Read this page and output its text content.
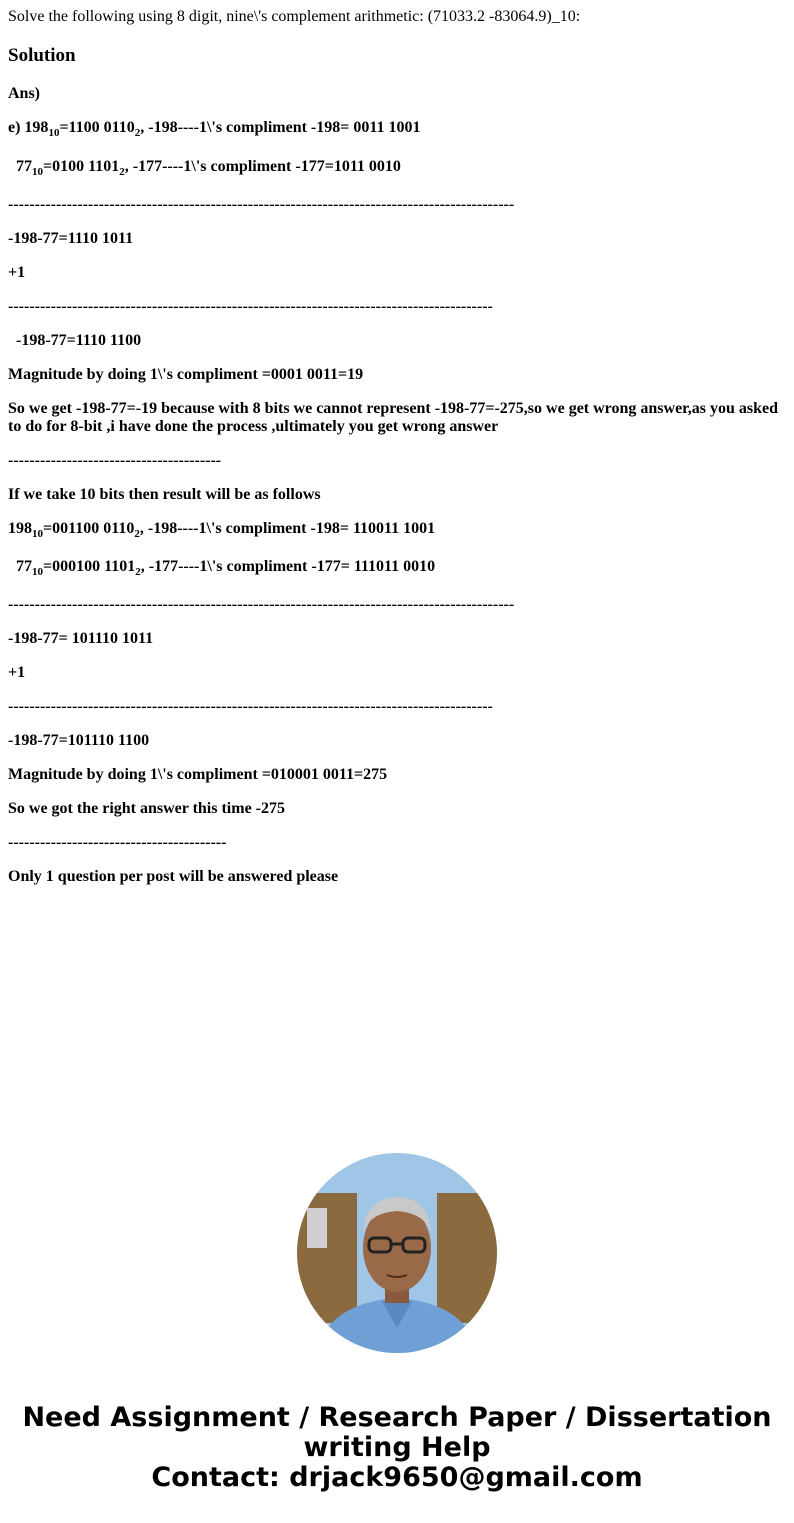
Solve the following using 8 digit, nine\'s complement arithmetic: (71033.2 -83064.9)_10:
Solution
Ans)
e) $198_{10}=1100$ $0110_2$, -198----1\'s compliment -198= 0011 1001
$77_{10}=0100$ $1101_2$, -177----1\'s compliment -177=1011 0010
-----------------------------------------------------------------------------------------------
-198-77=1110 1011
+1
-------------------------------------------------------------------------------------------
-198-77=1110 1100
Magnitude by doing 1\'s compliment =0001 0011=19
So we get -198-77=-19 because with 8 bits we cannot represent -198-77=-275,so we get wrong answer,as you asked to do for 8-bit ,i have done the process ,ultimately you get wrong answer
----------------------------------------
If we take 10 bits then result will be as follows
$198_{10}=001100$ $0110_2$, -198----1\'s compliment -198= 110011 1001
$77_{10}=000100$ $1101_2$, -177----1\'s compliment -177= 111011 0010
-----------------------------------------------------------------------------------------------
-198-77= 101110 1011
+1
-------------------------------------------------------------------------------------------
-198-77=101110 1100
Magnitude by doing 1\'s compliment =010001 0011=275
So we got the right answer this time -275
-----------------------------------------
Only 1 question per post will be answered please
Need Assignment / Research Paper / Dissertation
writing Help
Contact: drjack9650@gmail.com
